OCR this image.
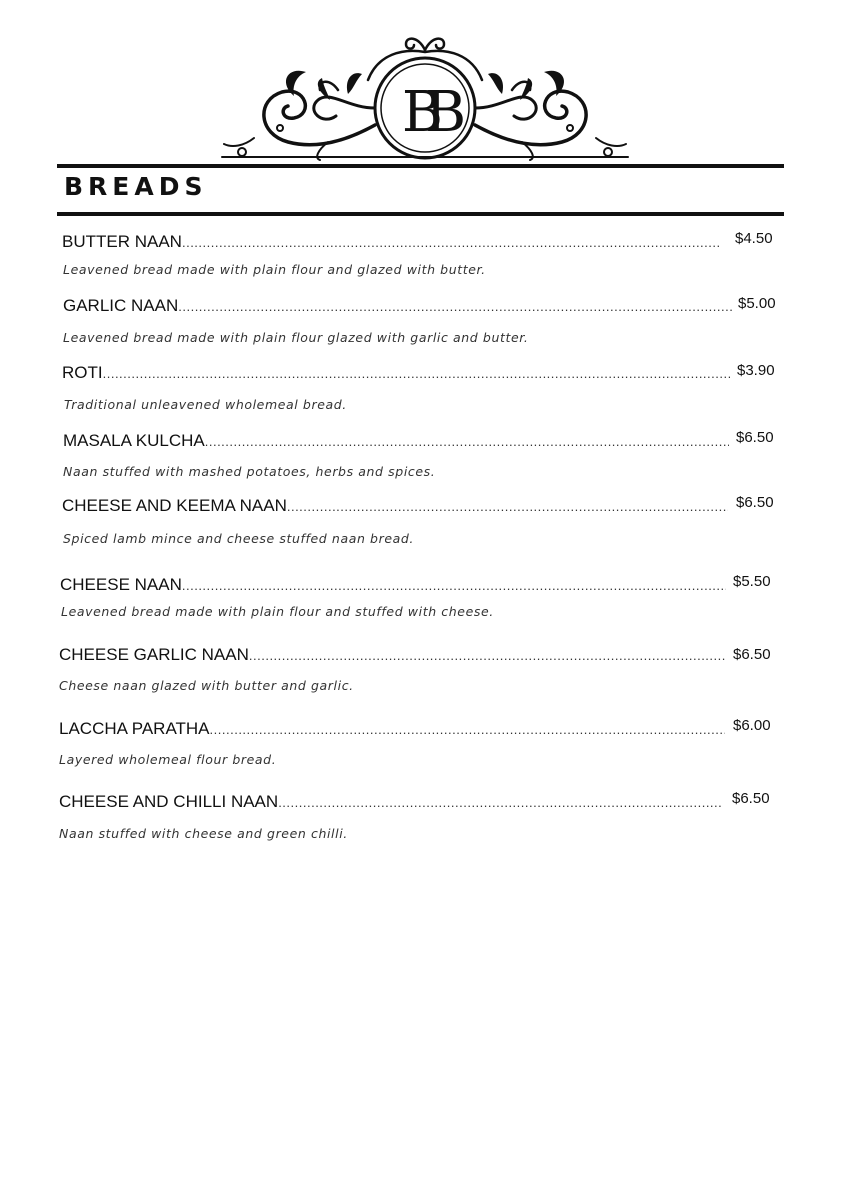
BB
BREADS
BUTTER NAAN .....	$4.50
Leavened bread made with plain flour and glazed with butter.
GARLIC NAAN .....	$5.00
Leavened bread made with plain flour glazed with garlic and butter.
ROTI .....	$3.90
Traditional unleavened wholemeal bread.
MASALA KULCHA .....	$6.50
Naan stuffed with mashed potatoes, herbs and spices.
CHEESE AND KEEMA NAAN .....	$6.50
Spiced lamb mince and cheese stuffed naan bread.
CHEESE NAAN .....	$5.50
Leavened bread made with plain flour and stuffed with cheese.
CHEESE GARLIC NAAN .....	$6.50
Cheese naan glazed with butter and garlic.
LACCHA PARATHA .....	$6.00
Layered wholemeal flour bread.
CHEESE AND CHILLI NAAN .....	$6.50
Naan stuffed with cheese and green chilli.
